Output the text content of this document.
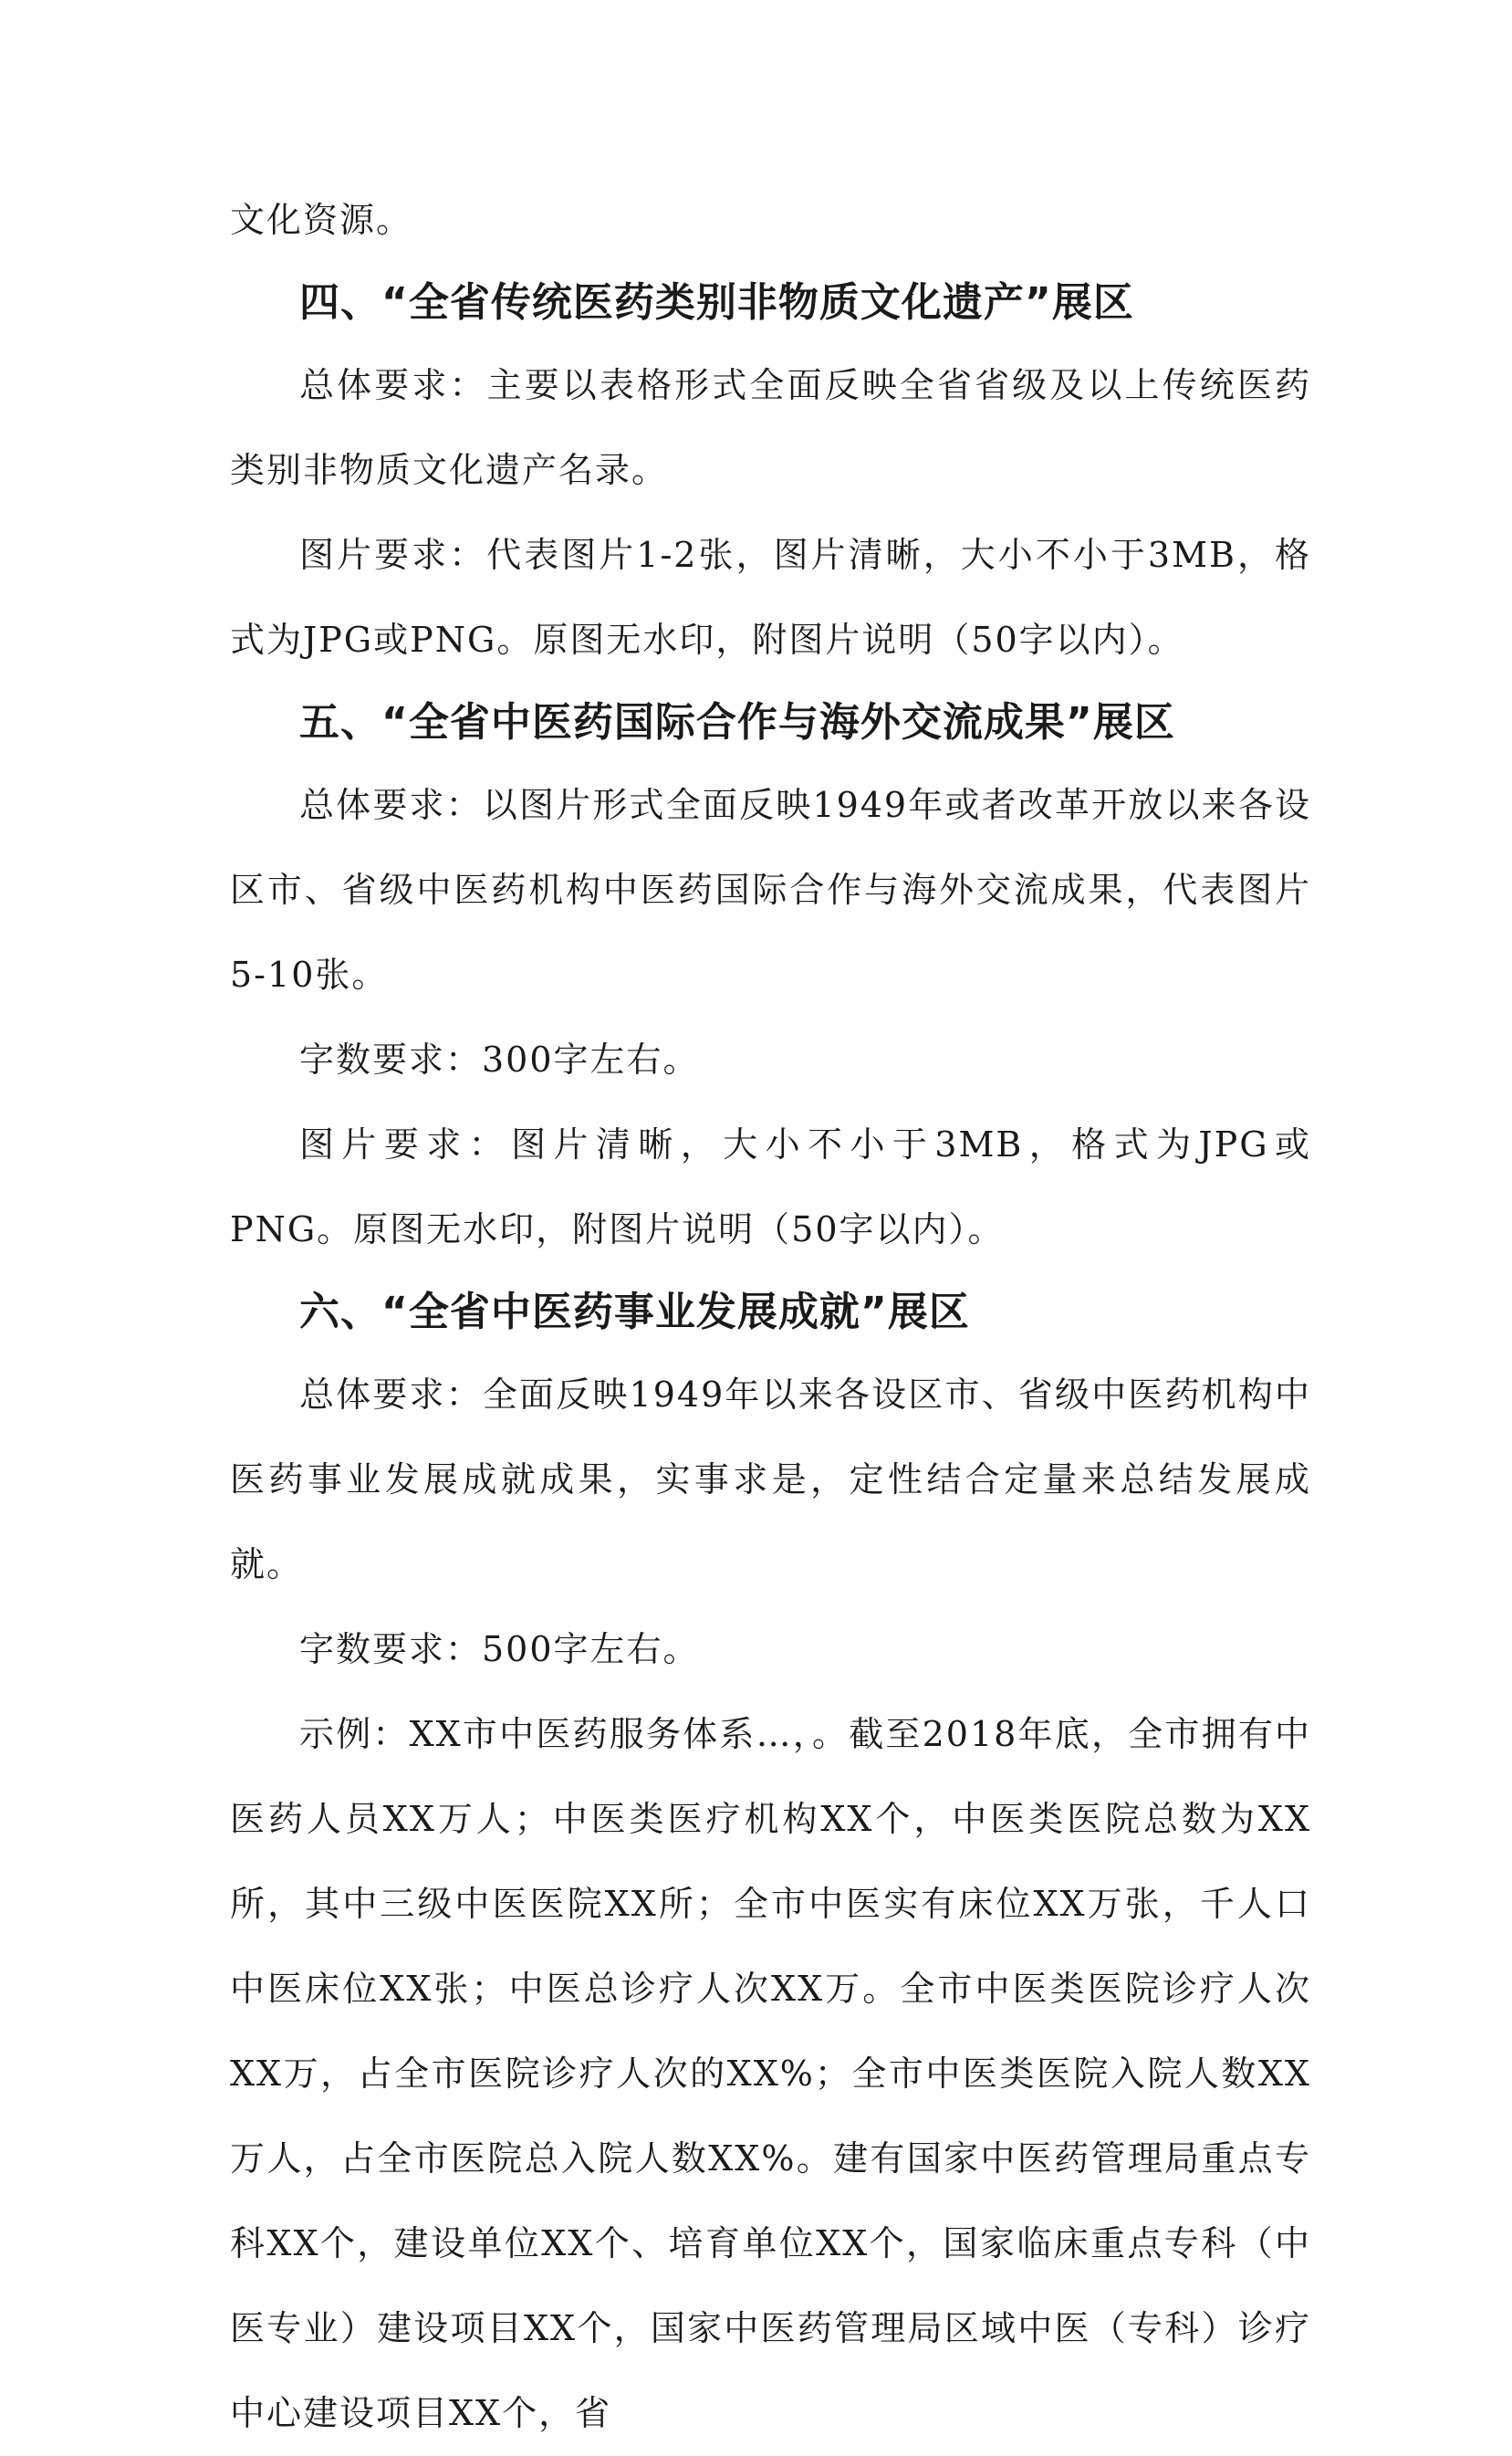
文化资源。

四、“全省传统医药类别非物质文化遗产”展区

总体要求：主要以表格形式全面反映全省省级及以上传统医药类别非物质文化遗产名录。

图片要求：代表图片1-2张，图片清晰，大小不小于3MB，格式为JPG或PNG。原图无水印，附图片说明（50字以内）。

五、“全省中医药国际合作与海外交流成果”展区

总体要求：以图片形式全面反映1949年或者改革开放以来各设区市、省级中医药机构中医药国际合作与海外交流成果，代表图片5-10张。

字数要求：300字左右。

图片要求：图片清晰，大小不小于3MB，格式为JPG或PNG。原图无水印，附图片说明（50字以内）。

六、“全省中医药事业发展成就”展区

总体要求：全面反映1949年以来各设区市、省级中医药机构中医药事业发展成就成果，实事求是，定性结合定量来总结发展成就。

字数要求：500字左右。

示例：XX市中医药服务体系…，。截至2018年底，全市拥有中医药人员XX万人；中医类医疗机构XX个，中医类医院总数为XX所，其中三级中医医院XX所；全市中医实有床位XX万张，千人口中医床位XX张；中医总诊疗人次XX万。全市中医类医院诊疗人次XX万，占全市医院诊疗人次的XX%；全市中医类医院入院人数XX万人，占全市医院总入院人数XX%。建有国家中医药管理局重点专科XX个，建设单位XX个、培育单位XX个，国家临床重点专科（中医专业）建设项目XX个，国家中医药管理局区域中医（专科）诊疗中心建设项目XX个，省
